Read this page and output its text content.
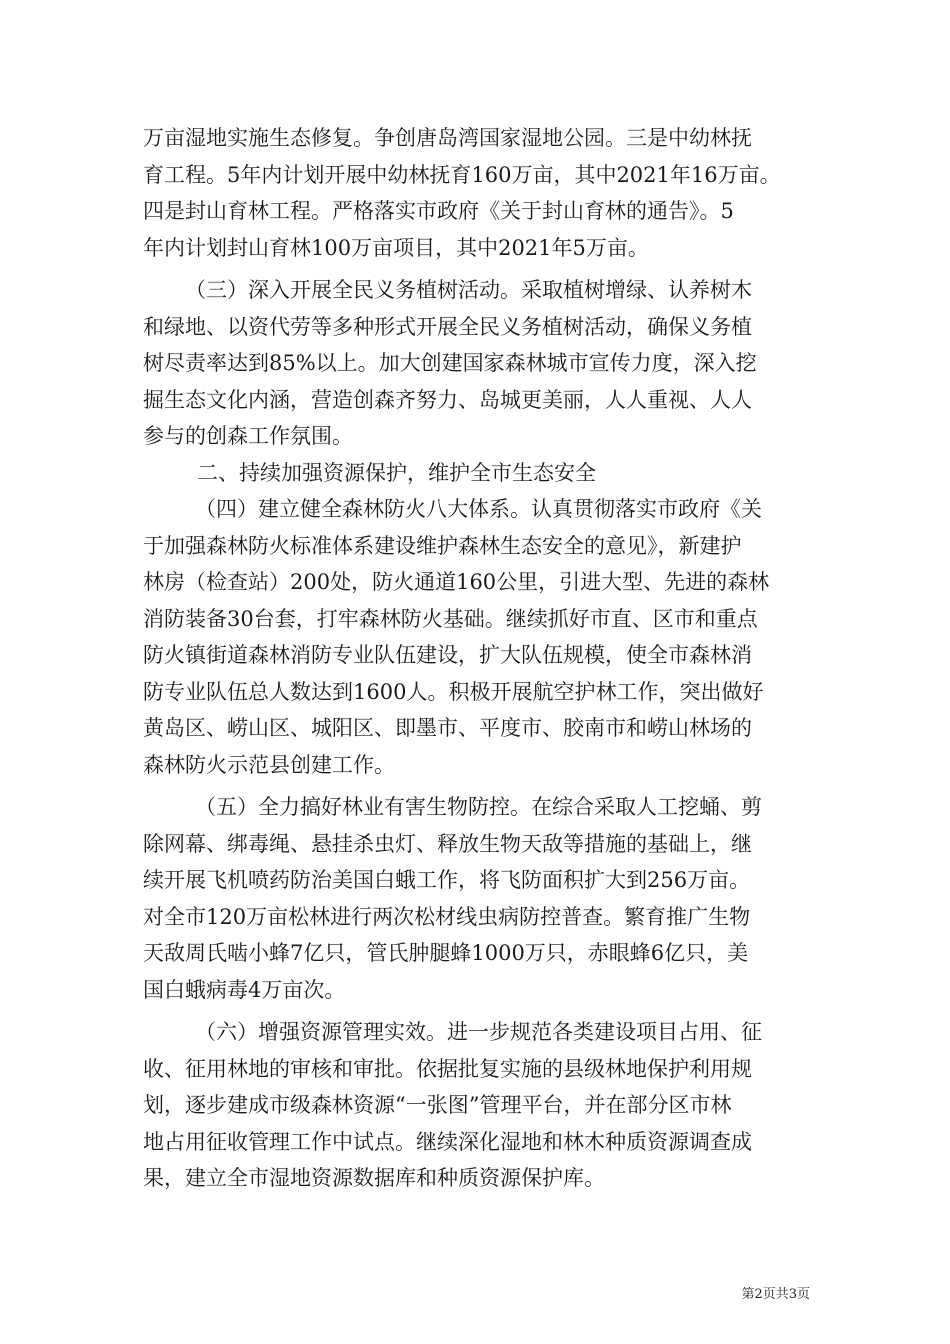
万亩湿地实施生态修复。争创唐岛湾国家湿地公园。三是中幼林抚
育工程。5年内计划开展中幼林抚育160万亩，其中2021年16万亩。
四是封山育林工程。严格落实市政府《关于封山育林的通告》。5
年内计划封山育林100万亩项目，其中2021年5万亩。
（三）深入开展全民义务植树活动。采取植树增绿、认养树木
和绿地、以资代劳等多种形式开展全民义务植树活动，确保义务植
树尽责率达到85%以上。加大创建国家森林城市宣传力度，深入挖
掘生态文化内涵，营造创森齐努力、岛城更美丽，人人重视、人人
参与的创森工作氛围。
二、持续加强资源保护，维护全市生态安全
（四）建立健全森林防火八大体系。认真贯彻落实市政府《关
于加强森林防火标准体系建设维护森林生态安全的意见》，新建护
林房（检查站）200处，防火通道160公里，引进大型、先进的森林
消防装备30台套，打牢森林防火基础。继续抓好市直、区市和重点
防火镇街道森林消防专业队伍建设，扩大队伍规模，使全市森林消
防专业队伍总人数达到1600人。积极开展航空护林工作，突出做好
黄岛区、崂山区、城阳区、即墨市、平度市、胶南市和崂山林场的
森林防火示范县创建工作。
（五）全力搞好林业有害生物防控。在综合采取人工挖蛹、剪
除网幕、绑毒绳、悬挂杀虫灯、释放生物天敌等措施的基础上，继
续开展飞机喷药防治美国白蛾工作，将飞防面积扩大到256万亩。
对全市120万亩松林进行两次松材线虫病防控普查。繁育推广生物
天敌周氏啮小蜂7亿只，管氏肿腿蜂1000万只，赤眼蜂6亿只，美
国白蛾病毒4万亩次。
（六）增强资源管理实效。进一步规范各类建设项目占用、征
收、征用林地的审核和审批。依据批复实施的县级林地保护利用规
划，逐步建成市级森林资源“一张图”管理平台，并在部分区市林
地占用征收管理工作中试点。继续深化湿地和林木种质资源调查成
果，建立全市湿地资源数据库和种质资源保护库。
第2页共3页
